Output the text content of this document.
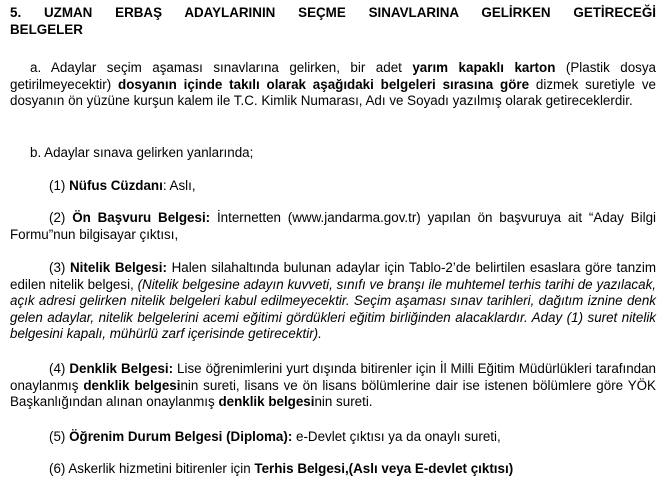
5. UZMAN ERBAŞ ADAYLARININ SEÇME SINAVLARINA GELİRKEN GETİRECEĞİ
BELGELER

a. Adaylar seçim aşaması sınavlarına gelirken, bir adet yarım kapaklı karton (Plastik dosya getirilmeyecektir) dosyanın içinde takılı olarak aşağıdaki belgeleri sırasına göre dizmek suretiyle ve dosyanın ön yüzüne kurşun kalem ile T.C. Kimlik Numarası, Adı ve Soyadı yazılmış olarak getireceklerdir.

b. Adaylar sınava gelirken yanlarında;

(1) Nüfus Cüzdanı: Aslı,

(2) Ön Başvuru Belgesi: İnternetten (www.jandarma.gov.tr) yapılan ön başvuruya ait “Aday Bilgi Formu”nun bilgisayar çıktısı,

(3) Nitelik Belgesi: Halen silahaltında bulunan adaylar için Tablo-2’de belirtilen esaslara göre tanzim edilen nitelik belgesi, (Nitelik belgesine adayın kuvveti, sınıfı ve branşı ile muhtemel terhis tarihi de yazılacak, açık adresi gelirken nitelik belgeleri kabul edilmeyecektir. Seçim aşaması sınav tarihleri, dağıtım iznine denk gelen adaylar, nitelik belgelerini acemi eğitimi gördükleri eğitim birliğinden alacaklardır. Aday (1) suret nitelik belgesini kapalı, mühürlü zarf içerisinde getirecektir).

(4) Denklik Belgesi: Lise öğrenimlerini yurt dışında bitirenler için İl Milli Eğitim Müdürlükleri tarafından onaylanmış denklik belgesinin sureti, lisans ve ön lisans bölümlerine dair ise istenen bölümlere göre YÖK Başkanlığından alınan onaylanmış denklik belgesinin sureti.

(5) Öğrenim Durum Belgesi (Diploma): e-Devlet çıktısı ya da onaylı sureti,

(6) Askerlik hizmetini bitirenler için Terhis Belgesi,(Aslı veya E-devlet çıktısı)
